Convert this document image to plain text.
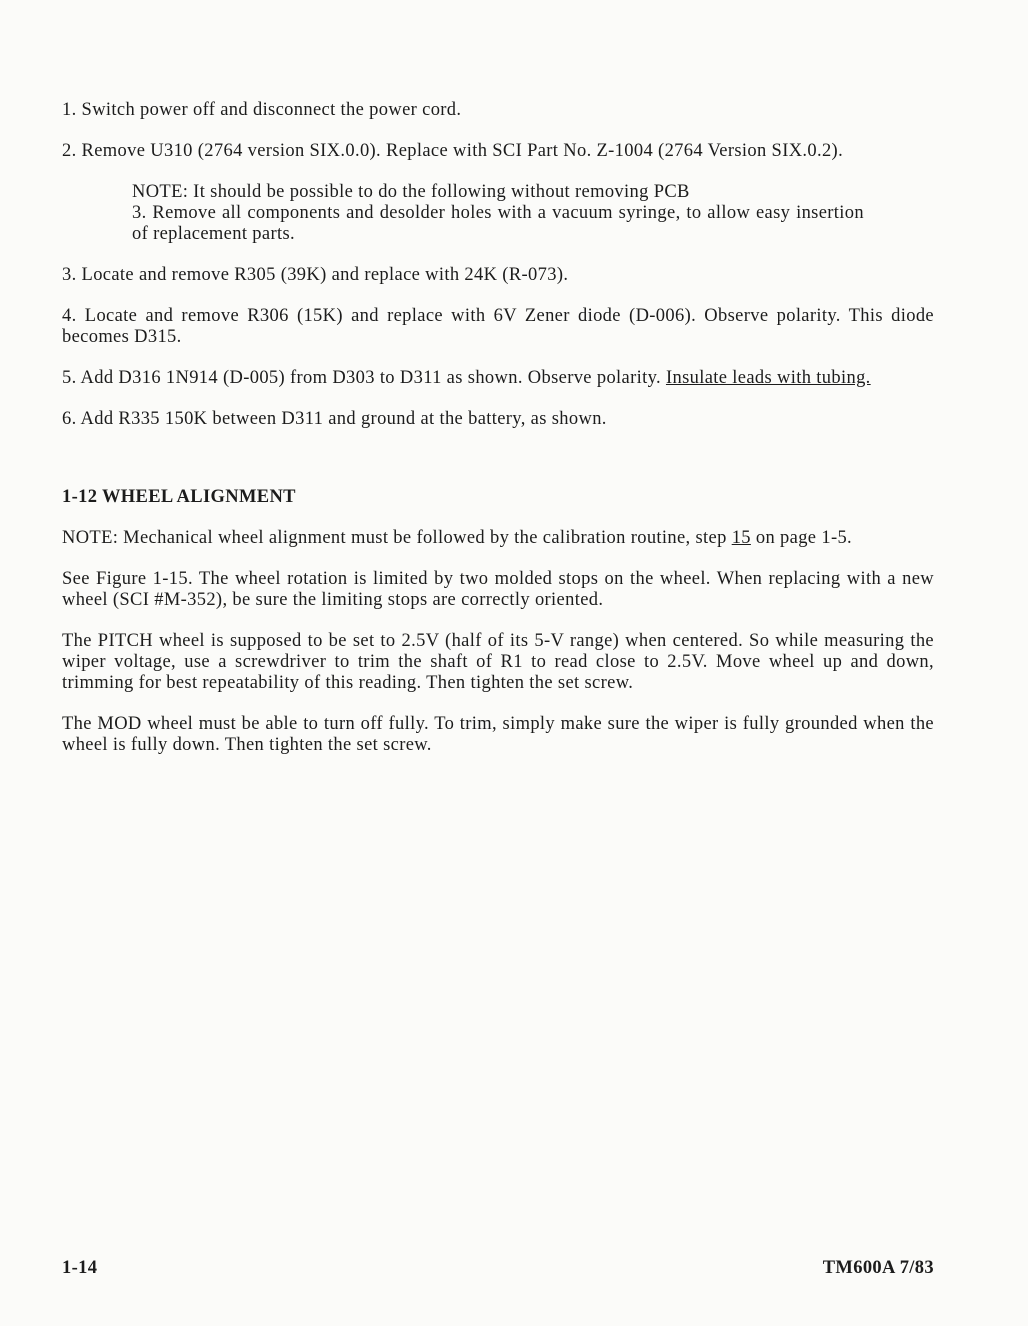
1. Switch power off and disconnect the power cord.

2. Remove U310 (2764 version SIX.0.0). Replace with SCI Part No. Z-1004 (2764 Version SIX.0.2).

NOTE: It should be possible to do the following without removing PCB

3. Remove all components and desolder holes with a vacuum syringe, to allow easy insertion of replacement parts.

3. Locate and remove R305 (39K) and replace with 24K (R-073).

4. Locate and remove R306 (15K) and replace with 6V Zener diode (D-006). Observe polarity. This diode becomes D315.

5. Add D316 1N914 (D-005) from D303 to D311 as shown. Observe polarity. Insulate leads with tubing.

6. Add R335 150K between D311 and ground at the battery, as shown.

1-12 WHEEL ALIGNMENT

NOTE: Mechanical wheel alignment must be followed by the calibration routine, step 15 on page 1-5.

See Figure 1-15. The wheel rotation is limited by two molded stops on the wheel. When replacing with a new wheel (SCI #M-352), be sure the limiting stops are correctly oriented.

The PITCH wheel is supposed to be set to 2.5V (half of its 5-V range) when centered. So while measuring the wiper voltage, use a screwdriver to trim the shaft of R1 to read close to 2.5V. Move wheel up and down, trimming for best repeatability of this reading. Then tighten the set screw.

The MOD wheel must be able to turn off fully. To trim, simply make sure the wiper is fully grounded when the wheel is fully down. Then tighten the set screw.

1-14	TM600A 7/83
